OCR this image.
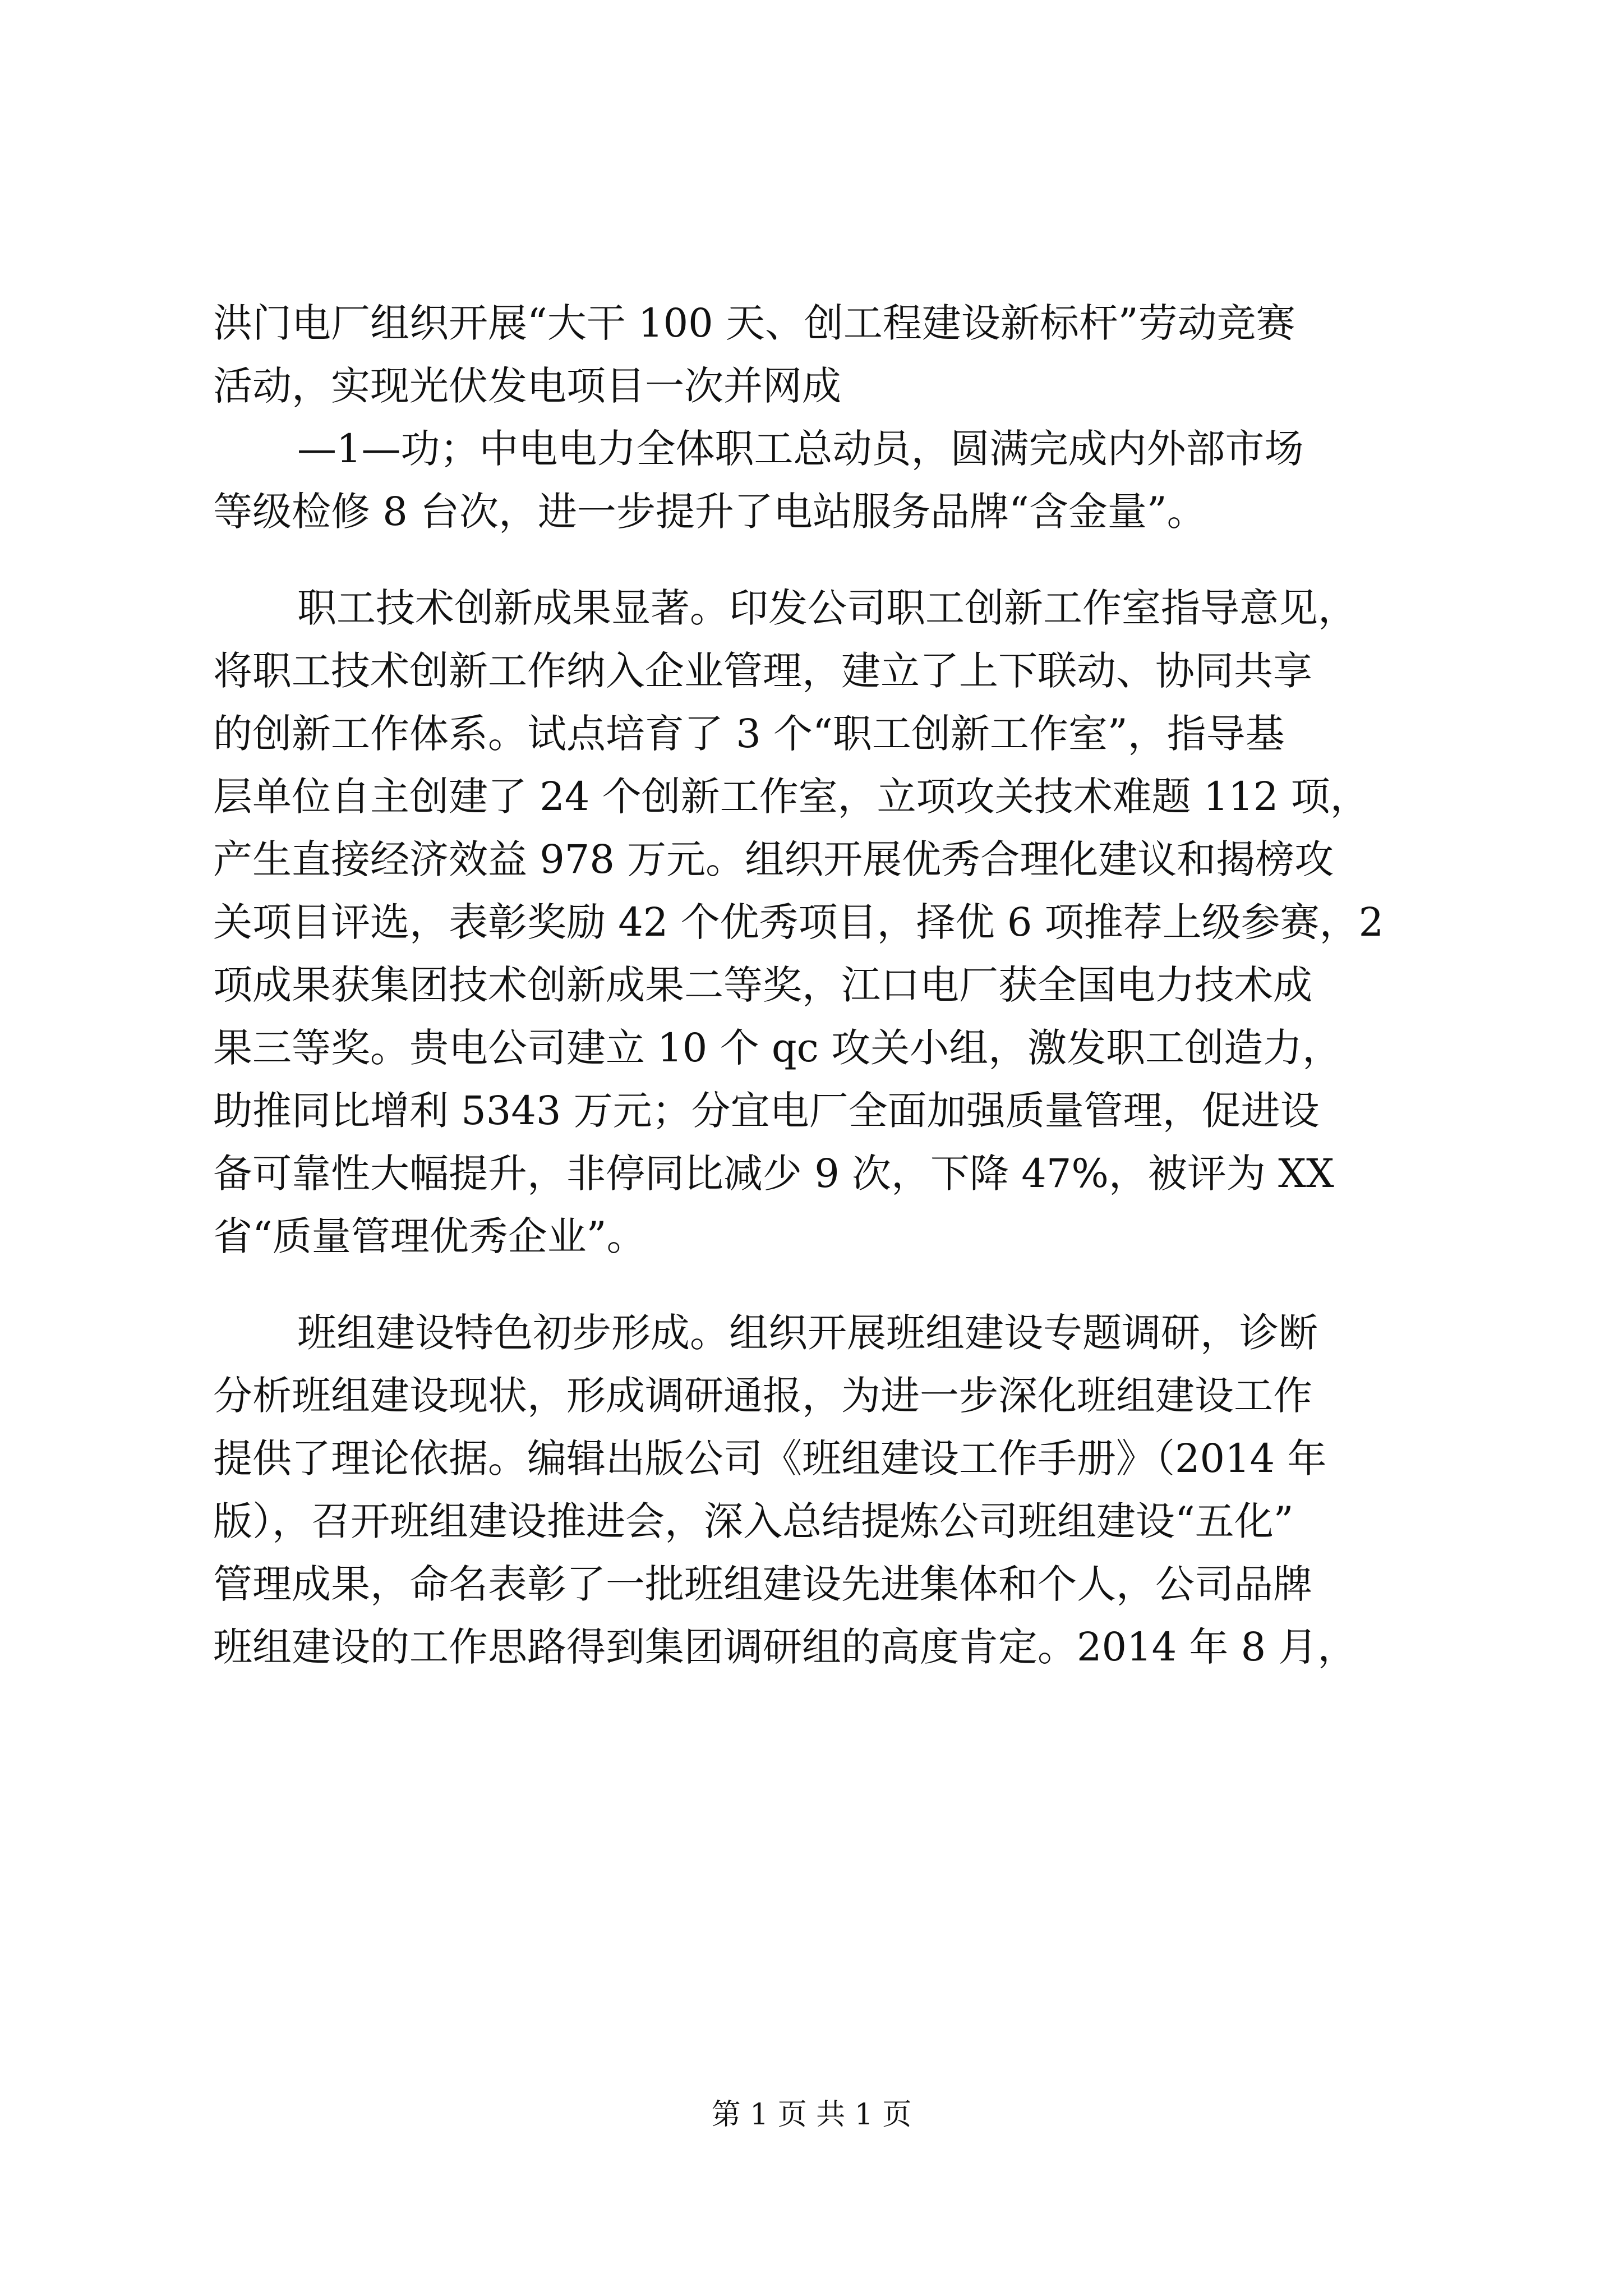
洪门电厂组织开展“大干 100 天、创工程建设新标杆”劳动竞赛
活动，实现光伏发电项目一次并网成
—1—功；中电电力全体职工总动员，圆满完成内外部市场
等级检修 8 台次，进一步提升了电站服务品牌“含金量”。
职工技术创新成果显著。印发公司职工创新工作室指导意见，
将职工技术创新工作纳入企业管理，建立了上下联动、协同共享
的创新工作体系。试点培育了 3 个“职工创新工作室”，指导基
层单位自主创建了 24 个创新工作室，立项攻关技术难题 112 项，
产生直接经济效益 978 万元。组织开展优秀合理化建议和揭榜攻
关项目评选，表彰奖励 42 个优秀项目，择优 6 项推荐上级参赛，2
项成果获集团技术创新成果二等奖，江口电厂获全国电力技术成
果三等奖。贵电公司建立 10 个 qc 攻关小组，激发职工创造力，
助推同比增利 5343 万元；分宜电厂全面加强质量管理，促进设
备可靠性大幅提升，非停同比减少 9 次，下降 47%，被评为 XX
省“质量管理优秀企业”。
班组建设特色初步形成。组织开展班组建设专题调研，诊断
分析班组建设现状，形成调研通报，为进一步深化班组建设工作
提供了理论依据。编辑出版公司《班组建设工作手册》（2014 年
版），召开班组建设推进会，深入总结提炼公司班组建设“五化”
管理成果，命名表彰了一批班组建设先进集体和个人，公司品牌
班组建设的工作思路得到集团调研组的高度肯定。2014 年 8 月，
第 1 页 共 1 页
